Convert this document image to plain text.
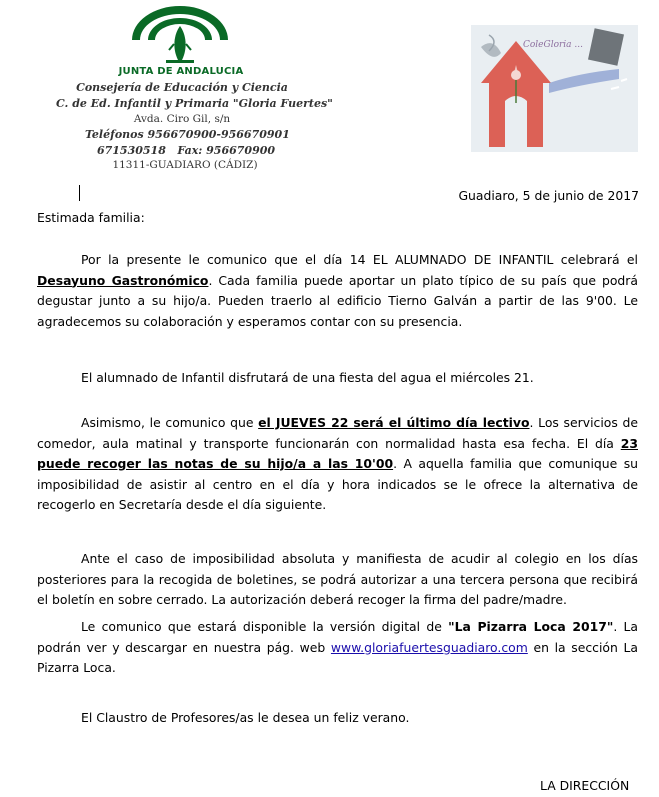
JUNTA DE ANDALUCIA
Consejería de Educación y Ciencia
C. de Ed. Infantil y Primaria "Gloria Fuertes"
Avda. Ciro Gil, s/n
Teléfonos 956670900-956670901
671530518 Fax: 956670900
11311-GUADIARO (CÁDIZ)
ColeGloria ...
Guadiaro, 5 de junio de 2017
Estimada familia:
Por la presente le comunico que el día 14 EL ALUMNADO DE INFANTIL celebrará el Desayuno Gastronómico. Cada familia puede aportar un plato típico de su país que podrá degustar junto a su hijo/a. Pueden traerlo al edificio Tierno Galván a partir de las 9'00. Le agradecemos su colaboración y esperamos contar con su presencia.
El alumnado de Infantil disfrutará de una fiesta del agua el miércoles 21.
Asimismo, le comunico que el JUEVES 22 será el último día lectivo. Los servicios de comedor, aula matinal y transporte funcionarán con normalidad hasta esa fecha. El día 23 puede recoger las notas de su hijo/a a las 10'00. A aquella familia que comunique su imposibilidad de asistir al centro en el día y hora indicados se le ofrece la alternativa de recogerlo en Secretaría desde el día siguiente.
Ante el caso de imposibilidad absoluta y manifiesta de acudir al colegio en los días posteriores para la recogida de boletines, se podrá autorizar a una tercera persona que recibirá el boletín en sobre cerrado. La autorización deberá recoger la firma del padre/madre.
Le comunico que estará disponible la versión digital de "La Pizarra Loca 2017". La podrán ver y descargar en nuestra pág. web www.gloriafuertesguadiaro.com en la sección La Pizarra Loca.
El Claustro de Profesores/as le desea un feliz verano.
LA DIRECCIÓN
